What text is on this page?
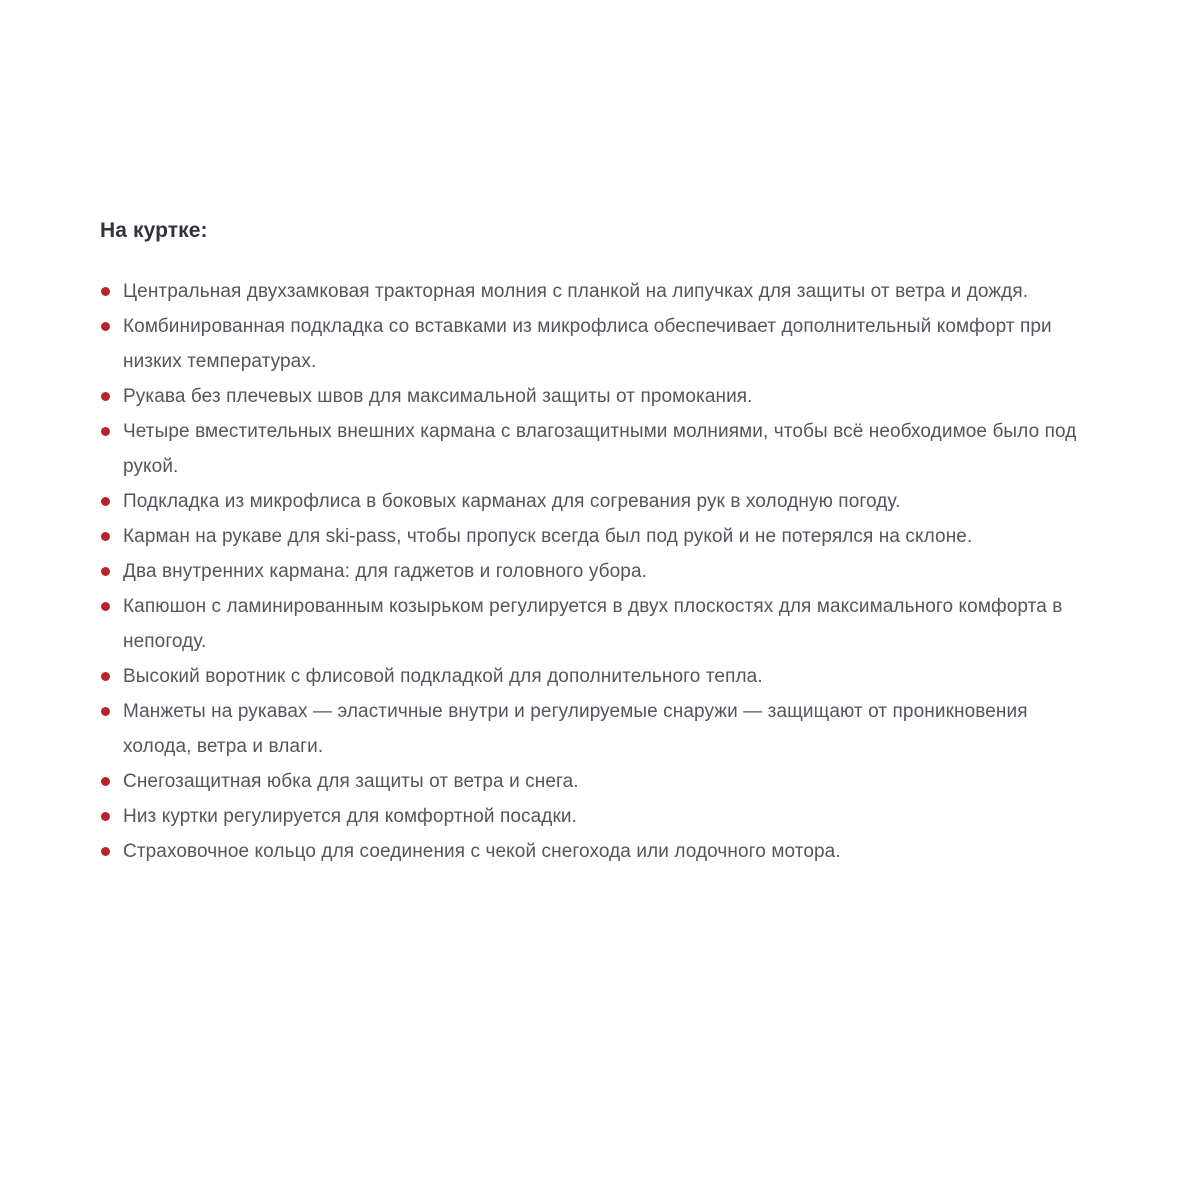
На куртке:
Центральная двухзамковая тракторная молния с планкой на липучках для защиты от ветра и дождя.
Комбинированная подкладка со вставками из микрофлиса обеспечивает дополнительный комфорт при низких температурах.
Рукава без плечевых швов для максимальной защиты от промокания.
Четыре вместительных внешних кармана с влагозащитными молниями, чтобы всё необходимое было под рукой.
Подкладка из микрофлиса в боковых карманах для согревания рук в холодную погоду.
Карман на рукаве для ski-pass, чтобы пропуск всегда был под рукой и не потерялся на склоне.
Два внутренних кармана: для гаджетов и головного убора.
Капюшон с ламинированным козырьком регулируется в двух плоскостях для максимального комфорта в непогоду.
Высокий воротник с флисовой подкладкой для дополнительного тепла.
Манжеты на рукавах — эластичные внутри и регулируемые снаружи — защищают от проникновения холода, ветра и влаги.
Снегозащитная юбка для защиты от ветра и снега.
Низ куртки регулируется для комфортной посадки.
Страховочное кольцо для соединения с чекой снегохода или лодочного мотора.
